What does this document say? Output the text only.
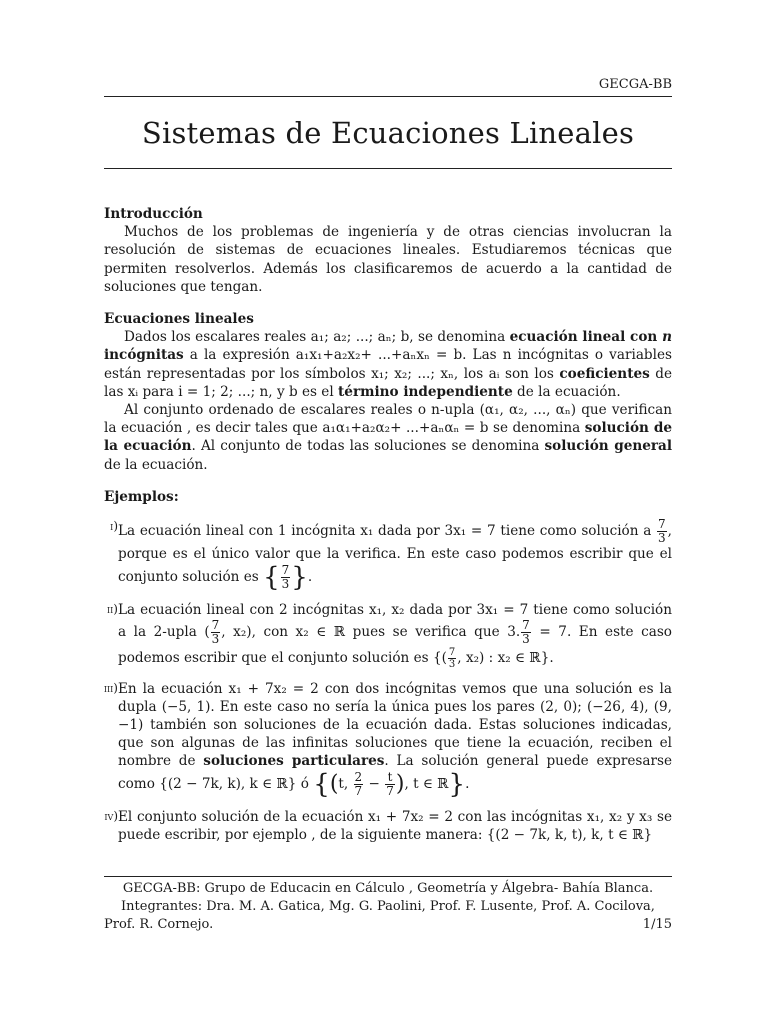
GECGA-BB
Sistemas de Ecuaciones Lineales

Introducción

Muchos de los problemas de ingeniería y de otras ciencias involucran la resolución de sistemas de ecuaciones lineales. Estudiaremos técnicas que permiten resolverlos. Además los clasificaremos de acuerdo a la cantidad de soluciones que tengan.

Ecuaciones lineales

Dados los escalares reales a₁; a₂; ...; aₙ; b, se denomina ecuación lineal con n incógnitas a la expresión a₁x₁+a₂x₂+ ...+aₙxₙ = b. Las n incógnitas o variables están representadas por los símbolos x₁; x₂; ...; xₙ, los aᵢ son los coeficientes de las xᵢ para i = 1; 2; ...; n, y b es el término independiente de la ecuación.

Al conjunto ordenado de escalares reales o n-upla (α₁, α₂, ..., αₙ) que verifican la ecuación , es decir tales que a₁α₁+a₂α₂+ ...+aₙαₙ = b se denomina solución de la ecuación. Al conjunto de todas las soluciones se denomina solución general de la ecuación.

Ejemplos:

i) La ecuación lineal con 1 incógnita x₁ dada por 3x₁ = 7 tiene como solución a $\frac{7}{3}$ , porque es el único valor que la verifica. En este caso podemos escribir que el conjunto solución es { $\frac{7}{3}$ }.

ii) La ecuación lineal con 2 incógnitas x₁, x₂ dada por 3x₁ = 7 tiene como solución a la 2-upla ( $\frac{7}{3}$ , x₂), con x₂ ∈ ℝ pues se verifica que 3. $\frac{7}{3} = 7$. En este caso podemos escribir que el conjunto solución es {( $\frac{7}{3}$ , x₂) : x₂ ∈ ℝ}.

iii) En la ecuación x₁ + 7x₂ = 2 con dos incógnitas vemos que una solución es la dupla (−5, 1). En este caso no sería la única pues los pares (2, 0); (−26, 4), (9, −1) también son soluciones de la ecuación dada. Estas soluciones indicadas, que son algunas de las infinitas soluciones que tiene la ecuación, reciben el nombre de soluciones particulares. La solución general puede expresarse como {(2 − 7k, k), k ∈ ℝ} ó {(t, $\frac{2}{7} - \frac{t}{7}$ ), t ∈ ℝ}.

iv) El conjunto solución de la ecuación x₁ + 7x₂ = 2 con las incógnitas x₁, x₂ y x₃ se puede escribir, por ejemplo , de la siguiente manera: {(2 − 7k, k, t), k, t ∈ ℝ}

GECGA-BB: Grupo de Educacin en Cálculo , Geometría y Álgebra- Bahía Blanca.
Integrantes: Dra. M. A. Gatica, Mg. G. Paolini, Prof. F. Lusente, Prof. A. Cocilova,
Prof. R. Cornejo.	1/15
